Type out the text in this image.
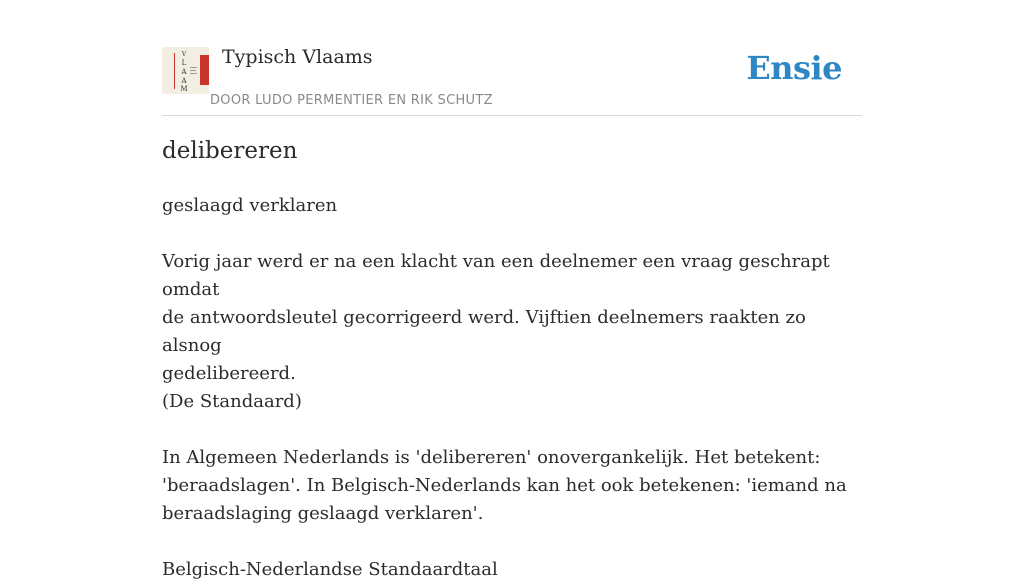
V
L
A
A
M
Typisch Vlaams
DOOR LUDO PERMENTIER EN RIK SCHUTZ
Ensie
delibereren

geslaagd verklaren

Vorig jaar werd er na een klacht van een deelnemer een vraag geschrapt omdat

de antwoordsleutel gecorrigeerd werd. Vijftien deelnemers raakten zo alsnog

gedelibereerd.

(De Standaard)

In Algemeen Nederlands is 'delibereren' onovergankelijk. Het betekent:

'beraadslagen'. In Belgisch-Nederlands kan het ook betekenen: 'iemand na

beraadslaging geslaagd verklaren'.

Belgisch-Nederlandse Standaardtaal
